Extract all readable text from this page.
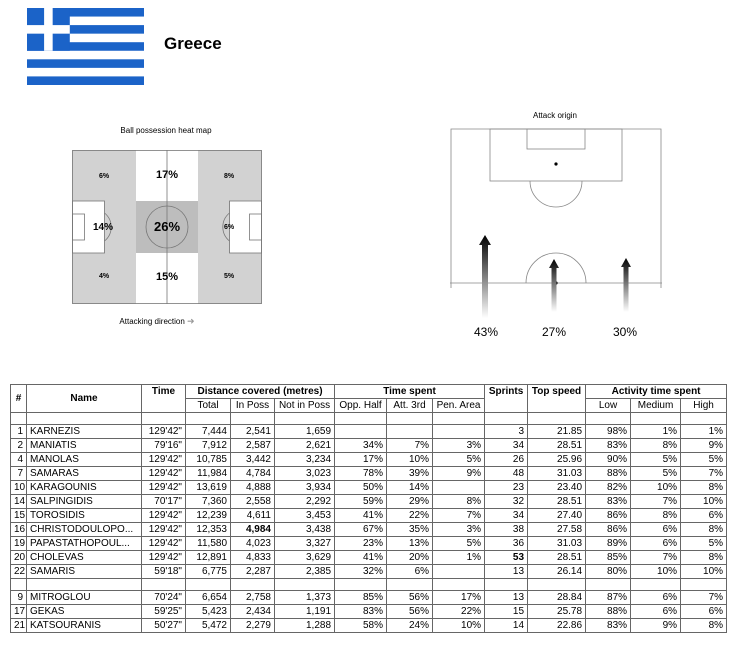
Greece
Ball possession heat map
6%
14%
4%
17%
26%
15%
8%
6%
5%
Attacking direction ➜
Attack origin
43%	27%	30%
#	Name	Time	Distance covered (metres)			Time spent			Sprints	Top speed	Activity time spent		
			Total	In Poss	Not in Poss	Opp. Half	Att. 3rd	Pen. Area			Low	Medium	High

1	KARNEZIS	129'42"	7,444	2,541	1,659				3	21.85	98%	1%	1%
2	MANIATIS	79'16"	7,912	2,587	2,621	34%	7%	3%	34	28.51	83%	8%	9%
4	MANOLAS	129'42"	10,785	3,442	3,234	17%	10%	5%	26	25.96	90%	5%	5%
7	SAMARAS	129'42"	11,984	4,784	3,023	78%	39%	9%	48	31.03	88%	5%	7%
10	KARAGOUNIS	129'42"	13,619	4,888	3,934	50%	14%		23	23.40	82%	10%	8%
14	SALPINGIDIS	70'17"	7,360	2,558	2,292	59%	29%	8%	32	28.51	83%	7%	10%
15	TOROSIDIS	129'42"	12,239	4,611	3,453	41%	22%	7%	34	27.40	86%	8%	6%
16	CHRISTODOULOPO...	129'42"	12,353	4,984	3,438	67%	35%	3%	38	27.58	86%	6%	8%
19	PAPASTATHOPOUL...	129'42"	11,580	4,023	3,327	23%	13%	5%	36	31.03	89%	6%	5%
20	CHOLEVAS	129'42"	12,891	4,833	3,629	41%	20%	1%	53	28.51	85%	7%	8%
22	SAMARIS	59'18"	6,775	2,287	2,385	32%	6%		13	26.14	80%	10%	10%

9	MITROGLOU	70'24"	6,654	2,758	1,373	85%	56%	17%	13	28.84	87%	6%	7%
17	GEKAS	59'25"	5,423	2,434	1,191	83%	56%	22%	15	25.78	88%	6%	6%
21	KATSOURANIS	50'27"	5,472	2,279	1,288	58%	24%	10%	14	22.86	83%	9%	8%
